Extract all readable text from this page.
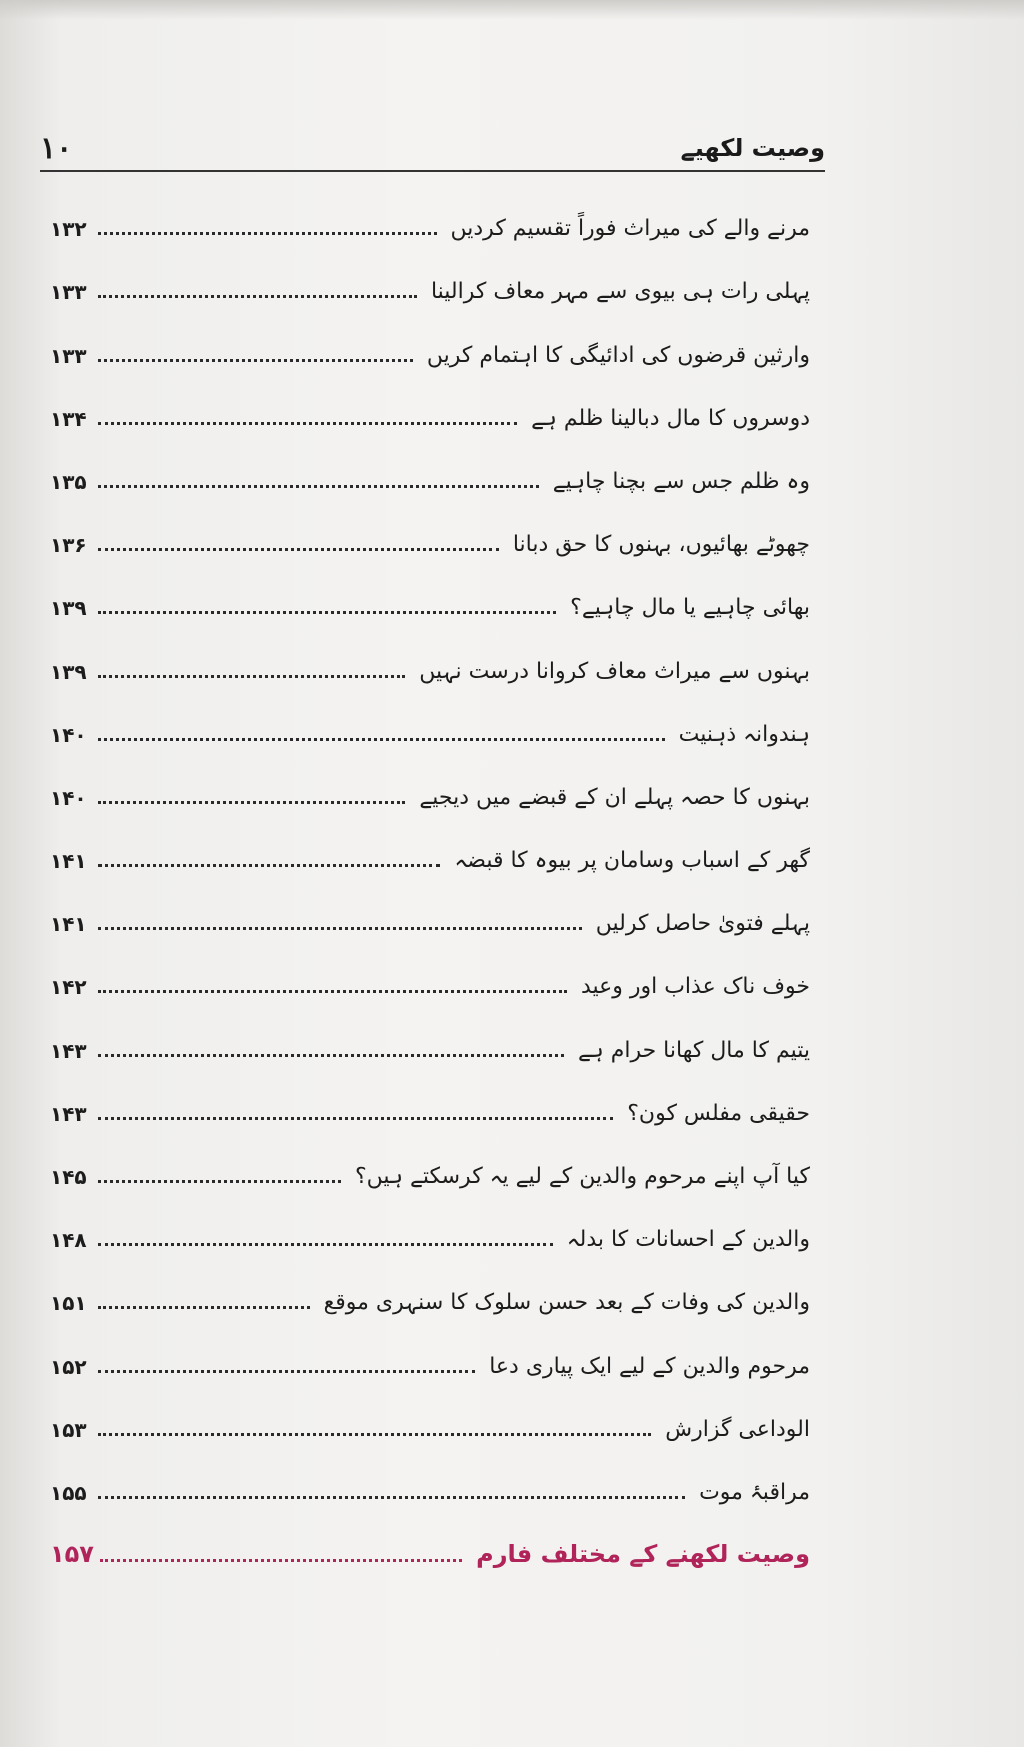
۱۰	وصیت لکھیے
مرنے والے کی میراث فوراً تقسیم کردیں
۱۳۲
پہلی رات ہی بیوی سے مہر معاف کرالینا
۱۳۳
وارثین قرضوں کی ادائیگی کا اہتمام کریں
۱۳۳
دوسروں کا مال دبالینا ظلم ہے
۱۳۴
وہ ظلم جس سے بچنا چاہیے
۱۳۵
چھوٹے بھائیوں، بہنوں کا حق دبانا
۱۳۶
بھائی چاہیے یا مال چاہیے؟
۱۳۹
بہنوں سے میراث معاف کروانا درست نہیں
۱۳۹
ہندوانہ ذہنیت
۱۴۰
بہنوں کا حصہ پہلے ان کے قبضے میں دیجیے
۱۴۰
گھر کے اسباب وسامان پر بیوہ کا قبضہ
۱۴۱
پہلے فتویٰ حاصل کرلیں
۱۴۱
خوف ناک عذاب اور وعید
۱۴۲
یتیم کا مال کھانا حرام ہے
۱۴۳
حقیقی مفلس کون؟
۱۴۳
کیا آپ اپنے مرحوم والدین کے لیے یہ کرسکتے ہیں؟
۱۴۵
والدین کے احسانات کا بدلہ
۱۴۸
والدین کی وفات کے بعد حسن سلوک کا سنہری موقع
۱۵۱
مرحوم والدین کے لیے ایک پیاری دعا
۱۵۲
الوداعی گزارش
۱۵۳
مراقبۂ موت
۱۵۵
وصیت لکھنے کے مختلف فارم
۱۵۷
